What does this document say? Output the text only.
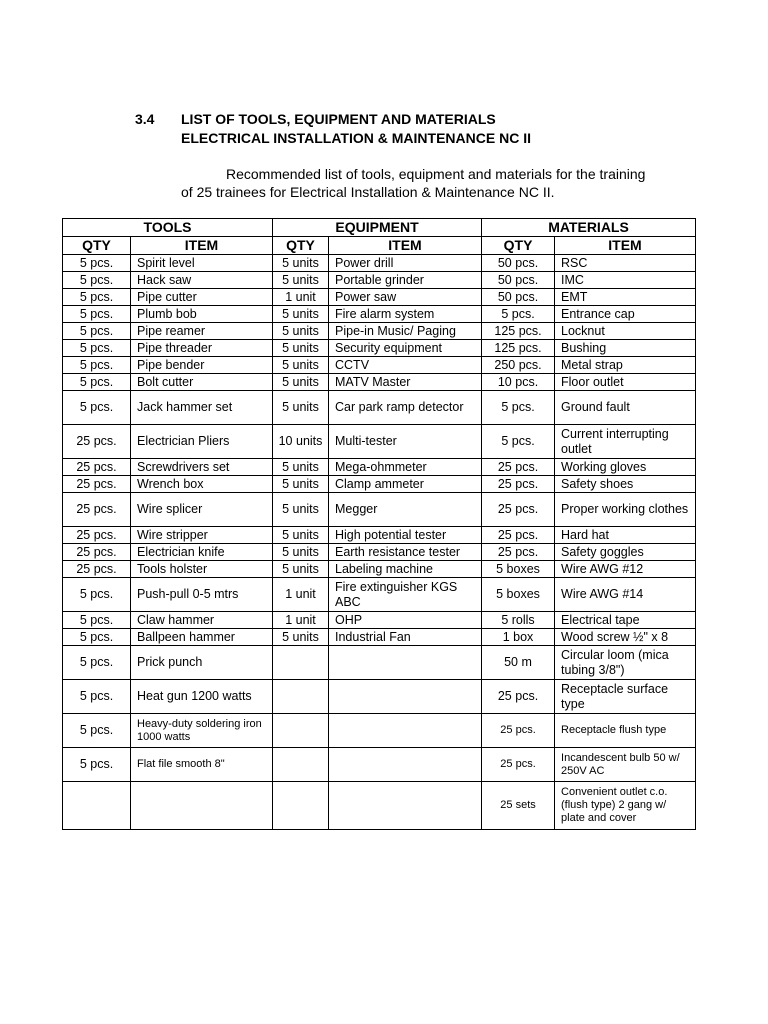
3.4 LIST OF TOOLS, EQUIPMENT AND MATERIALS
ELECTRICAL INSTALLATION & MAINTENANCE NC II
Recommended list of tools, equipment and materials for the training
of 25 trainees for Electrical Installation & Maintenance NC II.
TOOLS		EQUIPMENT		MATERIALS	
QTY	ITEM	QTY	ITEM	QTY	ITEM
5 pcs.	Spirit level	5 units	Power drill	50 pcs.	RSC
5 pcs.	Hack saw	5 units	Portable grinder	50 pcs.	IMC
5 pcs.	Pipe cutter	1 unit	Power saw	50 pcs.	EMT
5 pcs.	Plumb bob	5 units	Fire alarm system	5 pcs.	Entrance cap
5 pcs.	Pipe reamer	5 units	Pipe-in Music/ Paging	125 pcs.	Locknut
5 pcs.	Pipe threader	5 units	Security equipment	125 pcs.	Bushing
5 pcs.	Pipe bender	5 units	CCTV	250 pcs.	Metal strap
5 pcs.	Bolt cutter	5 units	MATV Master	10 pcs.	Floor outlet
5 pcs.	Jack hammer set	5 units	Car park ramp detector	5 pcs.	Ground fault
25 pcs.	Electrician Pliers	10 units	Multi-tester	5 pcs.	Current interrupting outlet
25 pcs.	Screwdrivers set	5 units	Mega-ohmmeter	25 pcs.	Working gloves
25 pcs.	Wrench box	5 units	Clamp ammeter	25 pcs.	Safety shoes
25 pcs.	Wire splicer	5 units	Megger	25 pcs.	Proper working clothes
25 pcs.	Wire stripper	5 units	High potential tester	25 pcs.	Hard hat
25 pcs.	Electrician knife	5 units	Earth resistance tester	25 pcs.	Safety goggles
25 pcs.	Tools holster	5 units	Labeling machine	5 boxes	Wire AWG #12
5 pcs.	Push-pull 0-5 mtrs	1 unit	Fire extinguisher KGS ABC	5 boxes	Wire AWG #14
5 pcs.	Claw hammer	1 unit	OHP	5 rolls	Electrical tape
5 pcs.	Ballpeen hammer	5 units	Industrial Fan	1 box	Wood screw ½" x 8
5 pcs.	Prick punch			50 m	Circular loom (mica tubing 3/8")
5 pcs.	Heat gun 1200 watts			25 pcs.	Receptacle surface type
5 pcs.	Heavy-duty soldering iron 1000 watts			25 pcs.	Receptacle flush type
5 pcs.	Flat file smooth 8"			25 pcs.	Incandescent bulb 50 w/ 250V AC
				25 sets	Convenient outlet c.o. (flush type) 2 gang w/ plate and cover
